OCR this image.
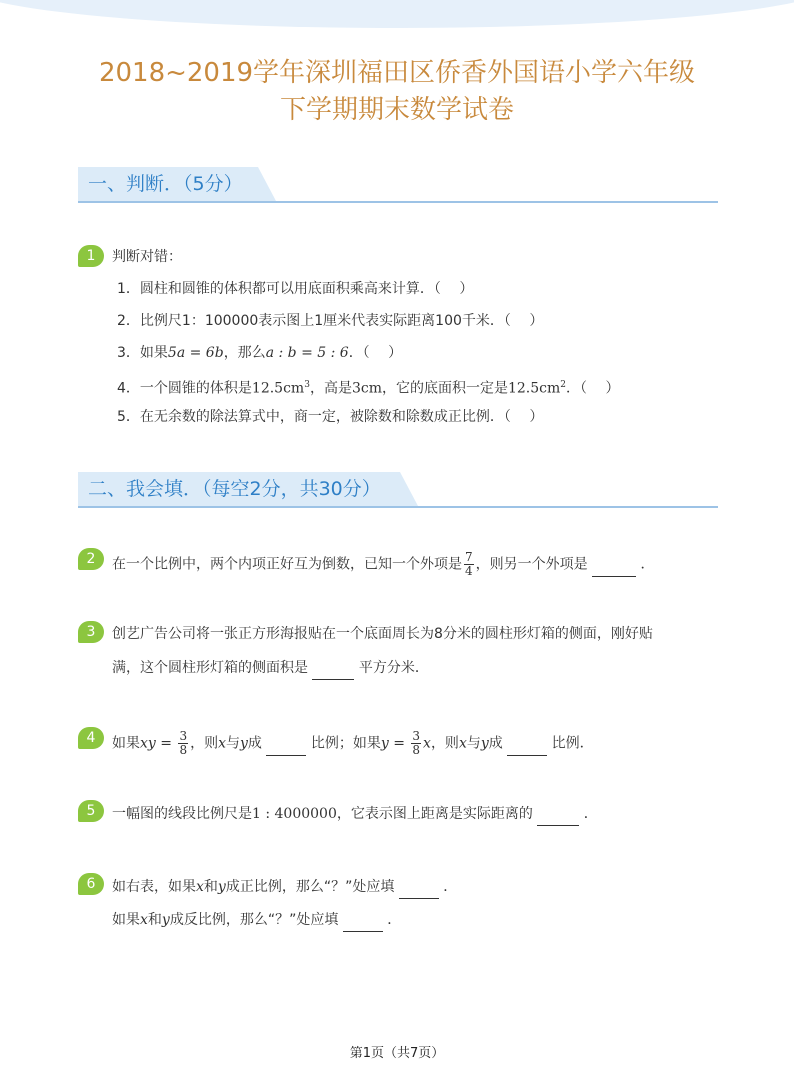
2018~2019学年深圳福田区侨香外国语小学六年级
下学期期末数学试卷
一、判断．（5分）
1	判断对错：
1．圆柱和圆锥的体积都可以用底面积乘高来计算．（　 ）
2．比例尺1：100000表示图上1厘米代表实际距离100千米．（　 ）
3．如果5a = 6b，那么a : b = 5 : 6．（　 ）
4．一个圆锥的体积是$12.5cm^3$，高是3cm，它的底面积一定是$12.5cm^2$．（　 ）
5．在无余数的除法算式中，商一定，被除数和除数成正比例．（　 ）
二、我会填．（每空2分，共30分）
2	在一个比例中，两个内项正好互为倒数，已知一个外项是 $\frac{7}{4}$ ，则另一个外项是	．
3	创艺广告公司将一张正方形海报贴在一个底面周长为8分米的圆柱形灯箱的侧面，刚好贴
满，这个圆柱形灯箱的侧面积是	平方分米．
4	如果xy = $\frac{3}{8}$ ，则x与y成	比例；如果$y = \frac{3}{8}$ x，则x与y成	比例．
5	一幅图的线段比例尺是1 : 4000000，它表示图上距离是实际距离的	．
6	如右表，如果x和y成正比例，那么“？”处应填	．
如果x和y成反比例，那么“？”处应填	．
第1页（共7页）
